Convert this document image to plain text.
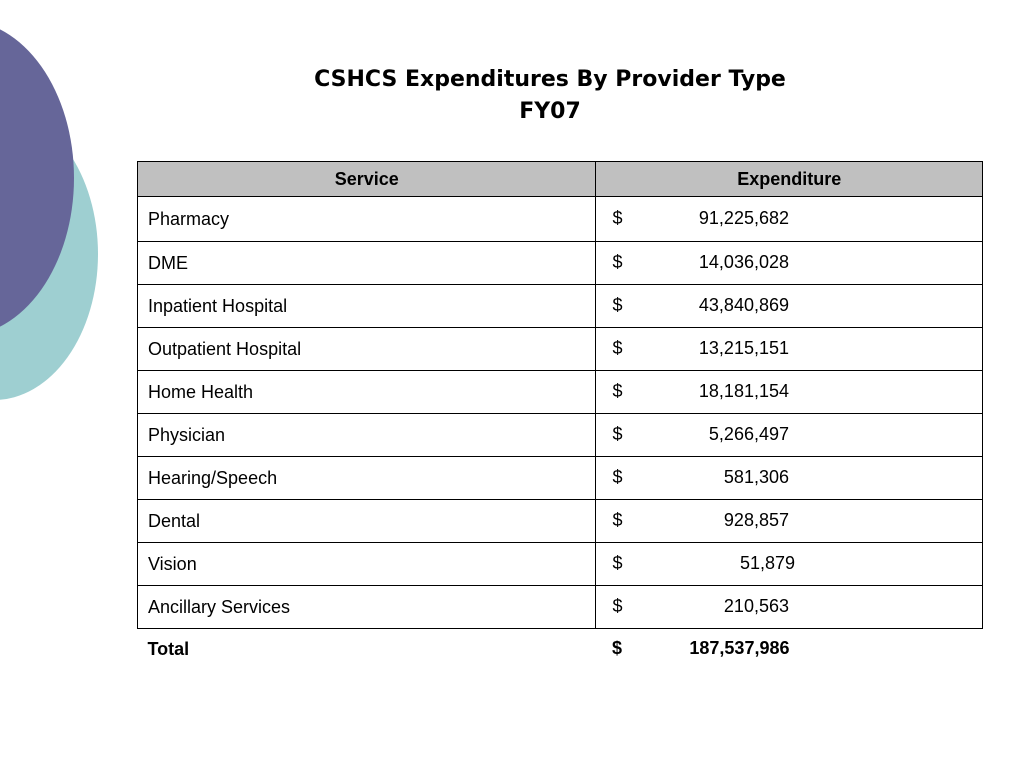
CSHCS Expenditures By Provider Type
FY07
Service	Expenditure
Pharmacy	$ 91,225,682

DME	$ 14,036,028

Inpatient Hospital	$ 43,840,869

Outpatient Hospital	$ 13,215,151

Home Health	$ 18,181,154

Physician	$ 5,266,497

Hearing/Speech	$ 581,306

Dental	$ 928,857

Vision	$ 51,879

Ancillary Services	$ 210,563

Total	$ 187,537,986
